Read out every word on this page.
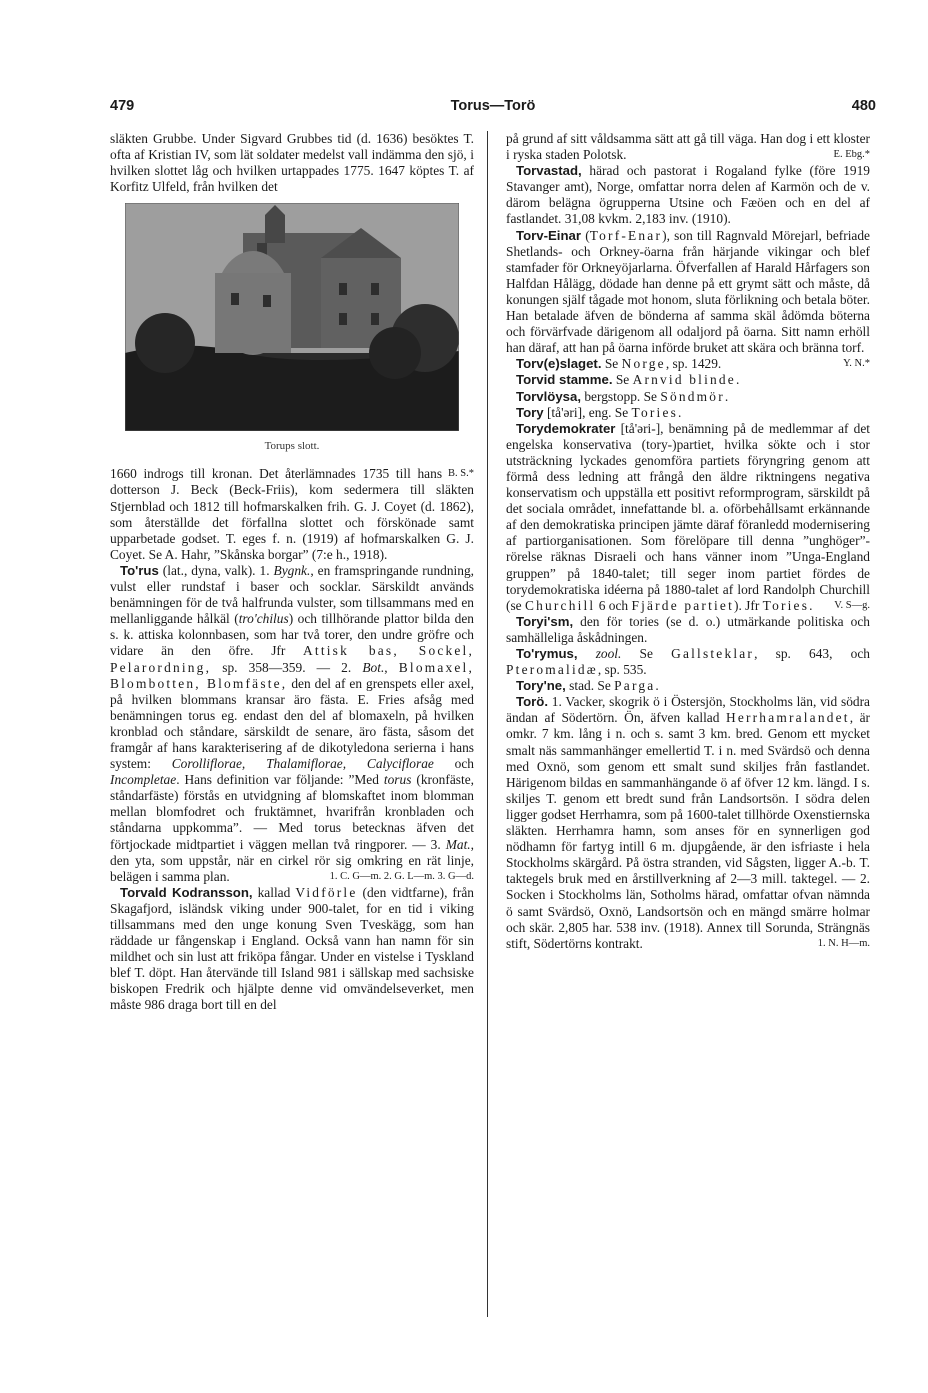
479	Torus—Torö	480

släkten Grubbe. Under Sigvard Grubbes tid (d. 1636) besöktes T. ofta af Kristian IV, som lät soldater medelst vall indämma den sjö, i hvilken slottet låg och hvilken urtappades 1775. 1647 köptes T. af Korfitz Ulfeld, från hvilken det

Torups slott.

B. S.*
1660 indrogs till kronan. Det återlämnades 1735 till hans dotterson J. Beck (Beck-Friis), kom sedermera till släkten Stjernblad och 1812 till hofmarskalken frih. G. J. Coyet (d. 1862), som återställde det förfallna slottet och förskönade samt upparbetade godset. T. eges f. n. (1919) af hofmarskalken G. J. Coyet. Se A. Hahr, ”Skånska borgar” (7:e h., 1918).

To'rus (lat., dyna, valk). 1. Bygnk., en framspringande rundning, vulst eller rundstaf i baser och socklar. Särskildt används benämningen för de två halfrunda vulster, som tillsammans med en mellanliggande hålkäl (tro'chilus) och tillhörande plattor bilda den s. k. attiska kolonnbasen, som har två torer, den undre gröfre och vidare än den öfre. Jfr Attisk bas, Sockel, Pelarordning, sp. 358—359. — 2. Bot., Blomaxel, Blombotten, Blomfäste, den del af en grenspets eller axel, på hvilken blommans kransar äro fästa. E. Fries afsåg med benämningen torus eg. endast den del af blomaxeln, på hvilken kronblad och ståndare, särskildt de senare, äro fästa, såsom det framgår af hans karakterisering af de dikotyledona serierna i hans system: Corolliflorae, Thalamiflorae, Calyciflorae och Incompletae. Hans definition var följande: ”Med torus (kronfäste, ståndarfäste) förstås en utvidgning af blomskaftet inom blomman mellan blomfodret och fruktämnet, hvarifrån kronbladen och ståndarna uppkomma”. — Med torus betecknas äfven det förtjockade midtpartiet i väggen mellan två ringporer. — 3. Mat., den yta, som uppstår, när en cirkel rör sig omkring en rät linje, belägen i samma plan.	1. C. G—m. 2. G. L—m. 3. G—d.

Torvald Kodransson, kallad Vidförle (den vidtfarne), från Skagafjord, isländsk viking under 900-talet, for en tid i viking tillsammans med den unge konung Sven Tveskägg, som han räddade ur fångenskap i England. Också vann han namn för sin mildhet och sin lust att friköpa fångar. Under en vistelse i Tyskland blef T. döpt. Han återvände till Island 981 i sällskap med sachsiske biskopen Fredrik och hjälpte denne vid omvändelseverket, men måste 986 draga bort till en del

på grund af sitt våldsamma sätt att gå till väga. Han dog i ett kloster i ryska staden Polotsk.	E. Ebg.*

Torvastad, härad och pastorat i Rogaland fylke (före 1919 Stavanger amt), Norge, omfattar norra delen af Karmön och de v. därom belägna ögrupperna Utsine och Fæöen och en del af fastlandet. 31,08 kvkm. 2,183 inv. (1910).

Torv-Einar (Torf-Enar), son till Ragnvald Mörejarl, befriade Shetlands- och Orkney-öarna från härjande vikingar och blef stamfader för Orkneyöjarlarna. Öfverfallen af Harald Hårfagers son Halfdan Hålägg, dödade han denne på ett grymt sätt och måste, då konungen själf tågade mot honom, sluta förlikning och betala böter. Han betalade äfven de bönderna af samma skäl ådömda böterna och förvärfvade därigenom all odaljord på öarna. Sitt namn erhöll han däraf, att han på öarna införde bruket att skära och bränna torf.
Y. N.*

Torv(e)slaget. Se Norge, sp. 1429.

Torvid stamme. Se Arnvid blinde.

Torvlöysa, bergstopp. Se Söndmör.

Tory [tå'əri], eng. Se Tories.

Torydemokrater [tå'əri-], benämning på de medlemmar af det engelska konservativa (tory-)partiet, hvilka sökte och i stor utsträckning lyckades genomföra partiets föryngring genom att förmå dess ledning att frångå den äldre riktningens negativa konservatism och uppställa ett positivt reformprogram, särskildt på det sociala området, innefattande bl. a. oförbehållsamt erkännande af den demokratiska principen jämte däraf föranledd modernisering af partiorganisationen. Som förelöpare till denna ”unghöger”-rörelse räknas Disraeli och hans vänner inom ”Unga-England gruppen” på 1840-talet; till seger inom partiet fördes de torydemokratiska idéerna på 1880-talet af lord Randolph Churchill (se Churchill 6 och Fjärde partiet). Jfr Tories.	V. S—g.

Toryi'sm, den för tories (se d. o.) utmärkande politiska och samhälleliga åskådningen.

To'rymus, zool. Se Gallsteklar, sp. 643, och Pteromalidæ, sp. 535.

Tory'ne, stad. Se Parga.

Torö. 1. Vacker, skogrik ö i Östersjön, Stockholms län, vid södra ändan af Södertörn. Ön, äfven kallad Herrhamralandet, är omkr. 7 km. lång i n. och s. samt 3 km. bred. Genom ett mycket smalt näs sammanhänger emellertid T. i n. med Svärdsö och denna med Oxnö, som genom ett smalt sund skiljes från fastlandet. Härigenom bildas en sammanhängande ö af öfver 12 km. längd. I s. skiljes T. genom ett bredt sund från Landsortsön. I södra delen ligger godset Herrhamra, som på 1600-talet tillhörde Oxenstiernska släkten. Herrhamra hamn, som anses för en synnerligen god nödhamn för fartyg intill 6 m. djupgående, är den isfriaste i hela Stockholms skärgård. På östra stranden, vid Sågsten, ligger A.-b. T. taktegels bruk med en årstillverkning af 2—3 mill. taktegel. — 2. Socken i Stockholms län, Sotholms härad, omfattar ofvan nämnda ö samt Svärdsö, Oxnö, Landsortsön och en mängd smärre holmar och skär. 2,805 har. 538 inv. (1918). Annex till Sorunda, Strängnäs stift, Södertörns kontrakt.	1. N. H—m.
